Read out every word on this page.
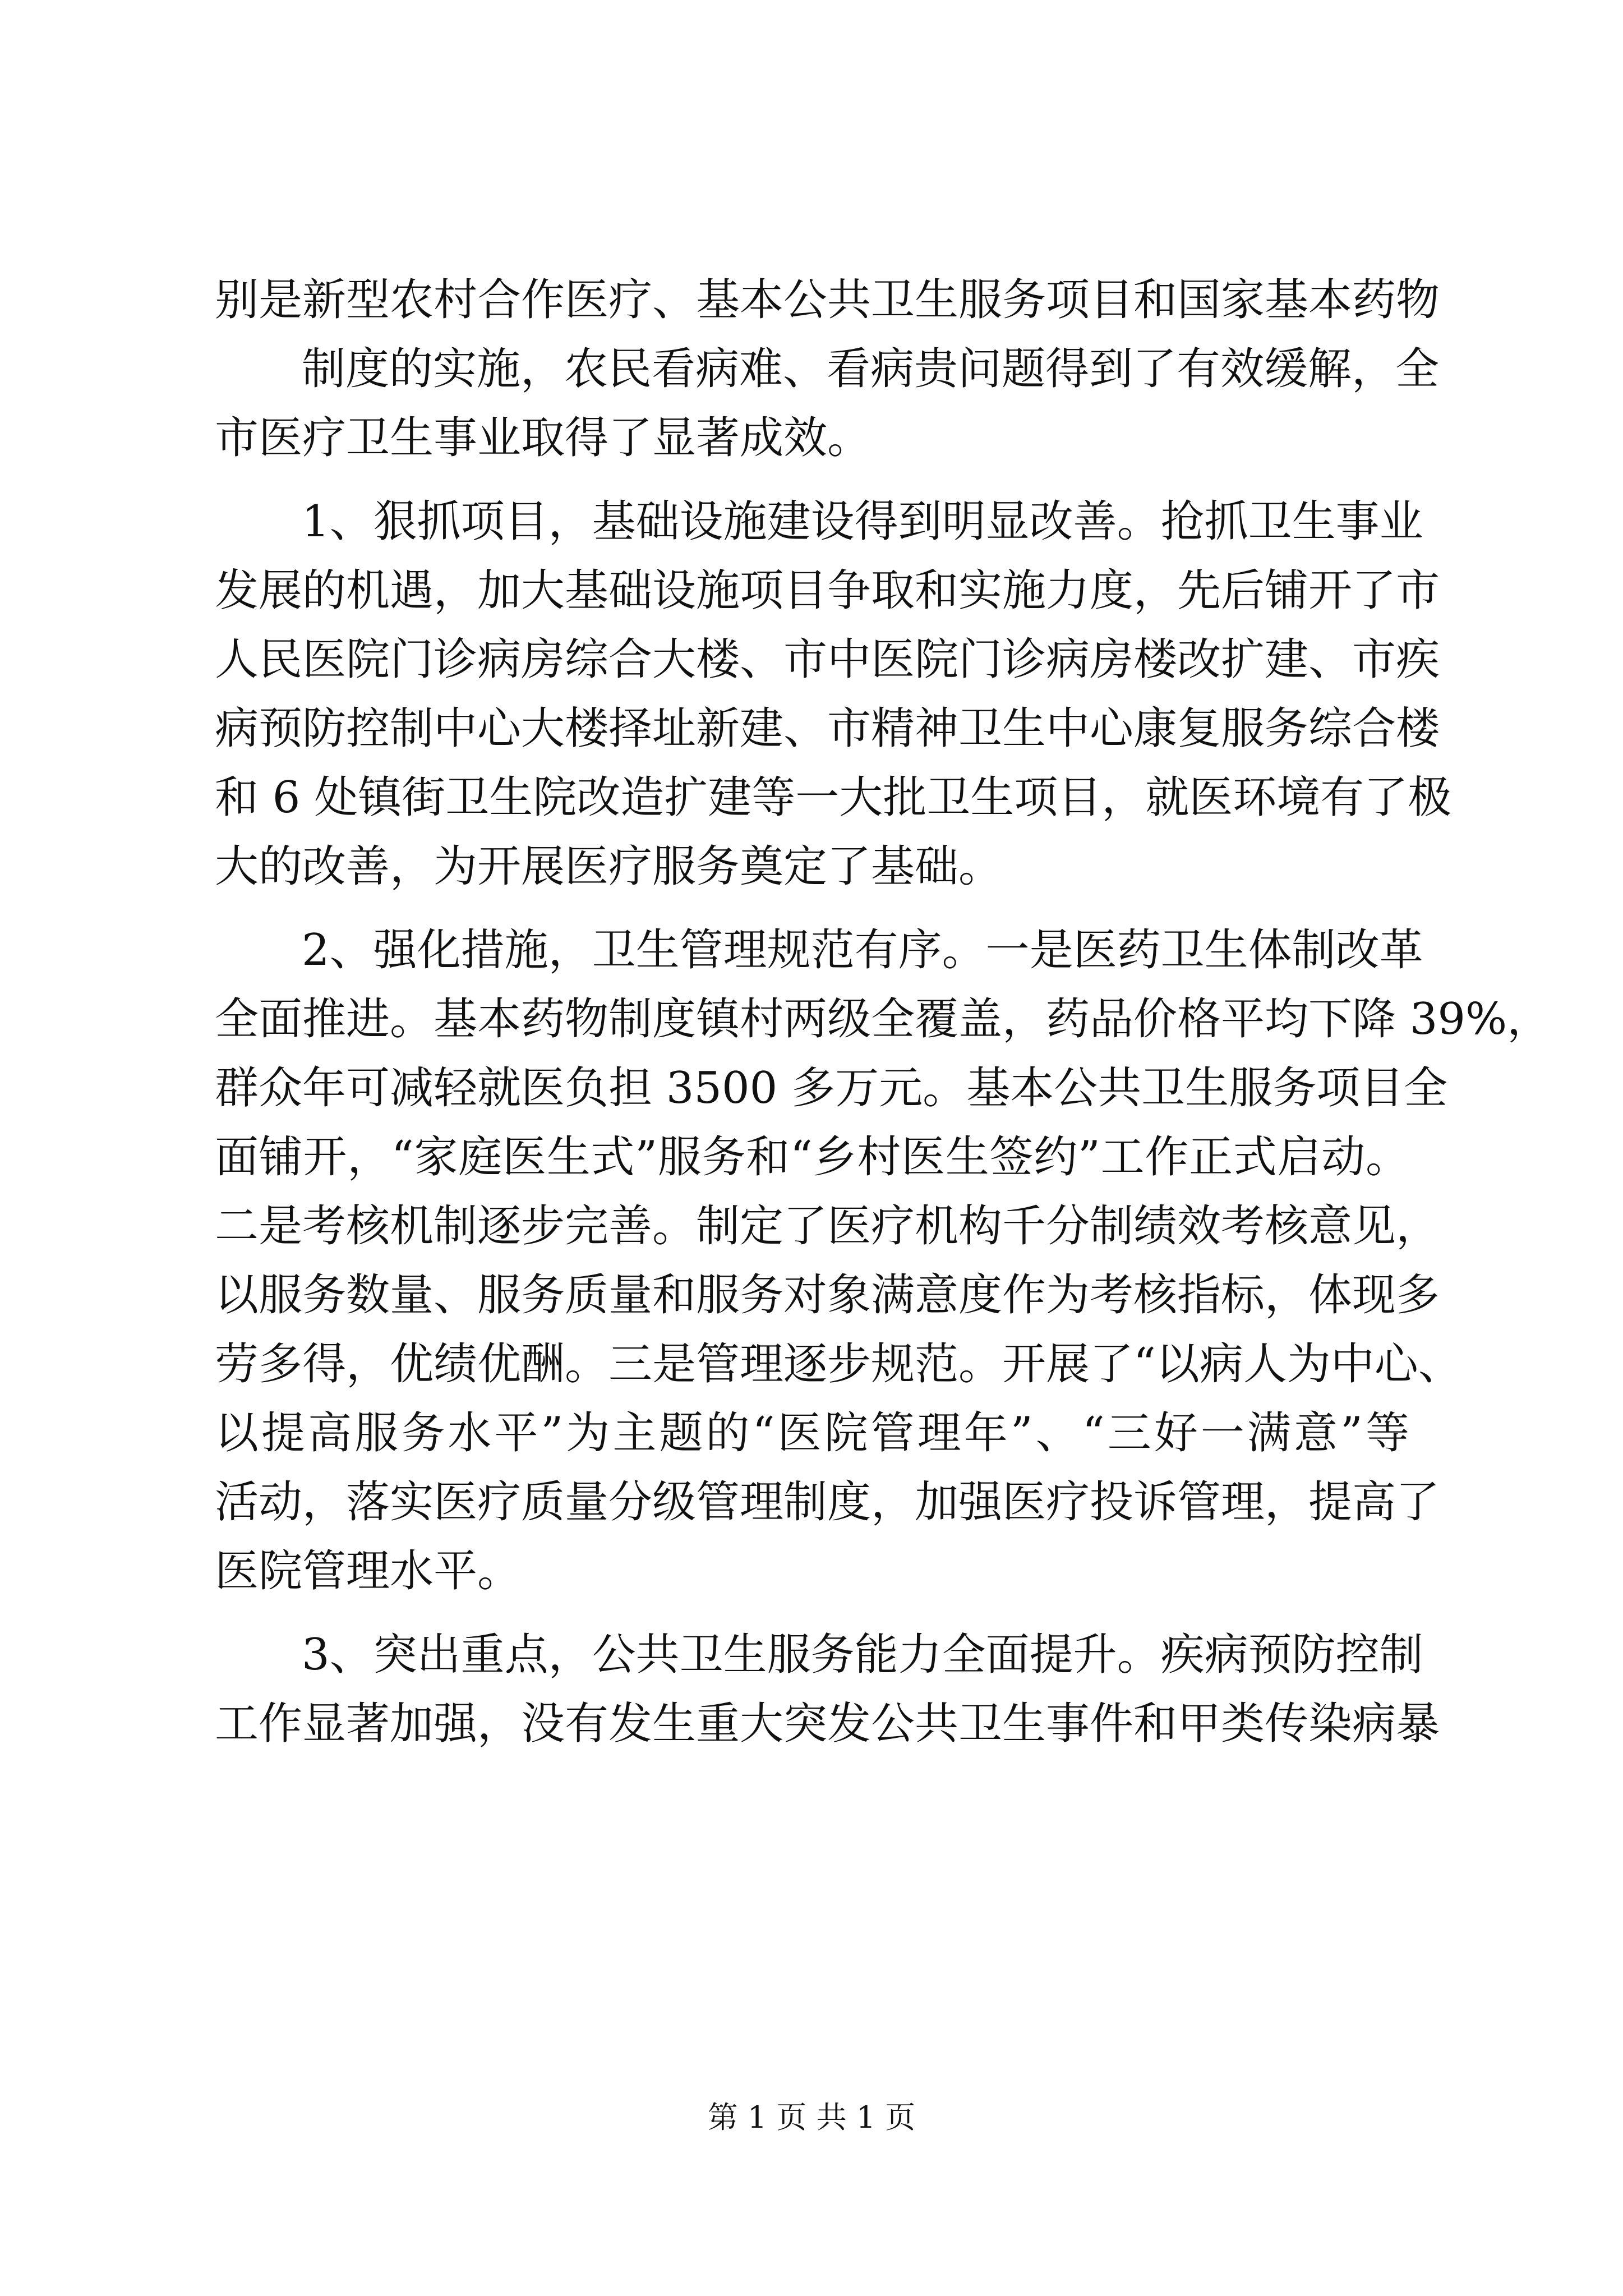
别是新型农村合作医疗、基本公共卫生服务项目和国家基本药物
制度的实施，农民看病难、看病贵问题得到了有效缓解，全
市医疗卫生事业取得了显著成效。
1、狠抓项目，基础设施建设得到明显改善。抢抓卫生事业
发展的机遇，加大基础设施项目争取和实施力度，先后铺开了市
人民医院门诊病房综合大楼、市中医院门诊病房楼改扩建、市疾
病预防控制中心大楼择址新建、市精神卫生中心康复服务综合楼
和 6 处镇街卫生院改造扩建等一大批卫生项目，就医环境有了极
大的改善，为开展医疗服务奠定了基础。
2、强化措施，卫生管理规范有序。一是医药卫生体制改革
全面推进。基本药物制度镇村两级全覆盖，药品价格平均下降 39%，
群众年可减轻就医负担 3500 多万元。基本公共卫生服务项目全
面铺开，“家庭医生式”服务和“乡村医生签约”工作正式启动。
二是考核机制逐步完善。制定了医疗机构千分制绩效考核意见，
以服务数量、服务质量和服务对象满意度作为考核指标，体现多
劳多得，优绩优酬。三是管理逐步规范。开展了“以病人为中心、
以提高服务水平”为主题的“医院管理年”、“三好一满意”等
活动，落实医疗质量分级管理制度，加强医疗投诉管理，提高了
医院管理水平。
3、突出重点，公共卫生服务能力全面提升。疾病预防控制
工作显著加强，没有发生重大突发公共卫生事件和甲类传染病暴
第 1 页 共 1 页
